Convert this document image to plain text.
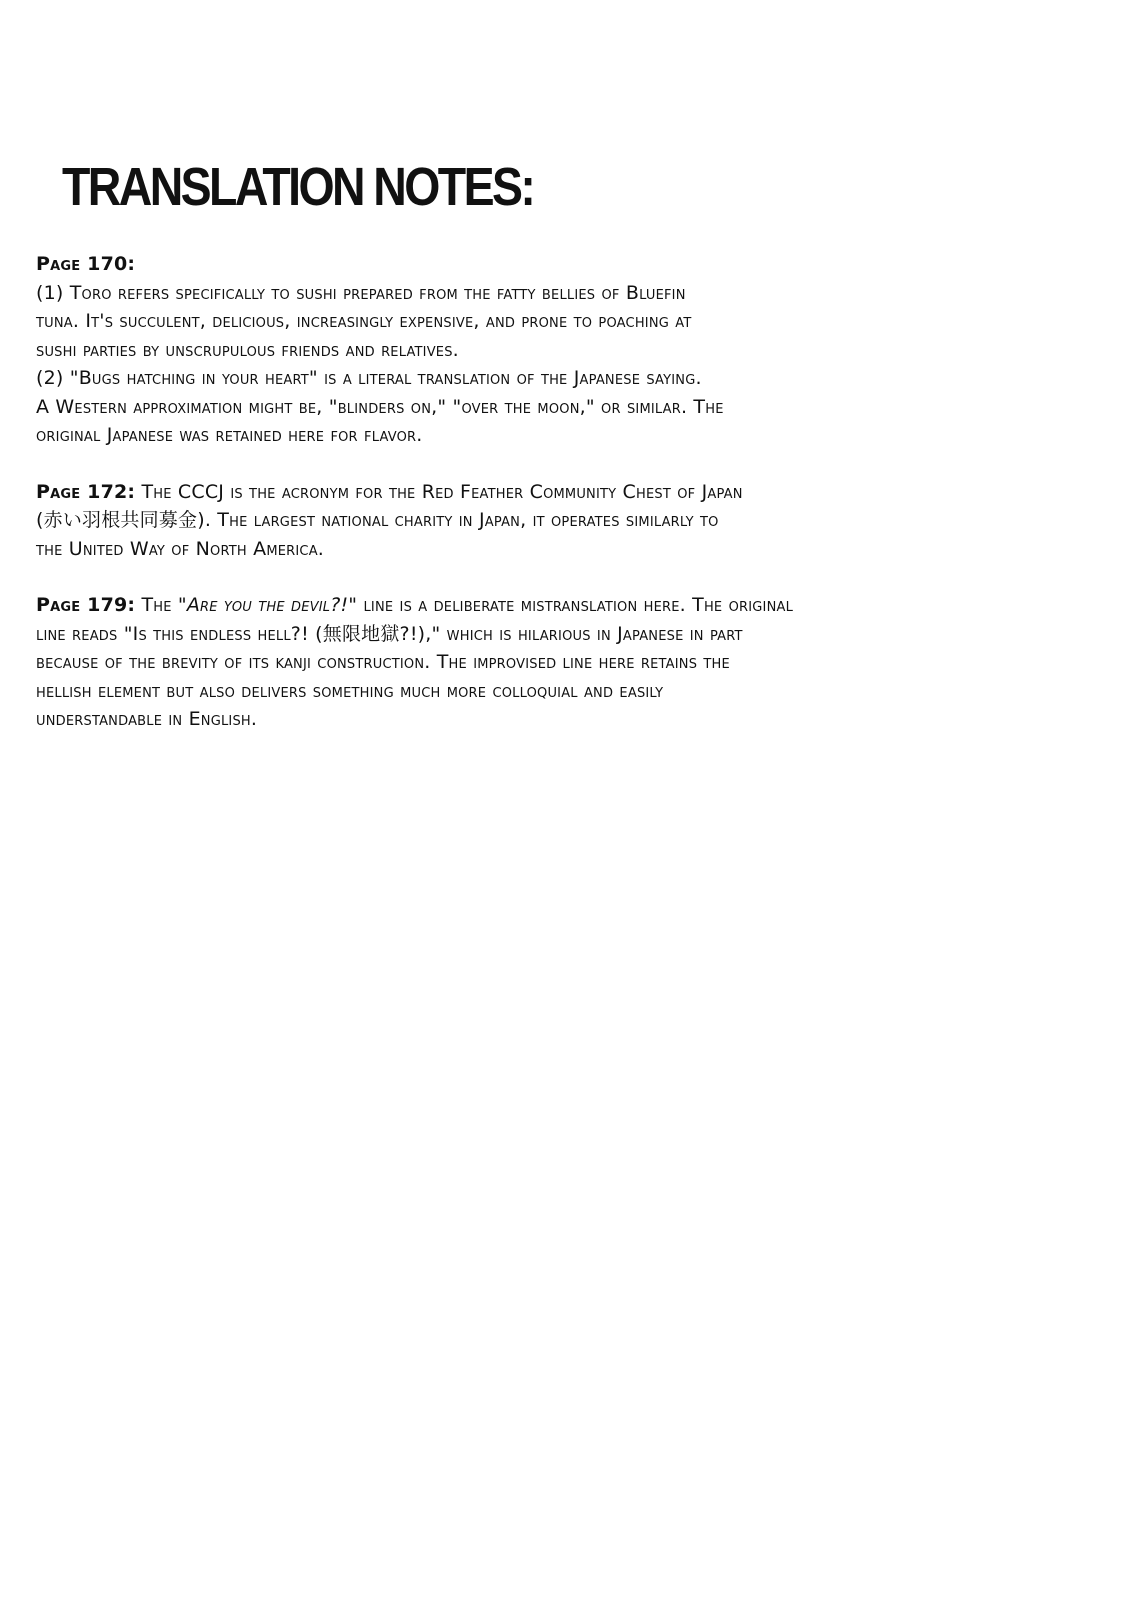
TRANSLATION NOTES:
Page 170:
(1) Toro refers specifically to sushi prepared from the fatty bellies of Bluefin
tuna. It's succulent, delicious, increasingly expensive, and prone to poaching at
sushi parties by unscrupulous friends and relatives.
(2) "Bugs hatching in your heart" is a literal translation of the Japanese saying.
A Western approximation might be, "blinders on," "over the moon," or similar. The
original Japanese was retained here for flavor.
Page 172: The CCCJ is the acronym for the Red Feather Community Chest of Japan
(赤い羽根共同募金). The largest national charity in Japan, it operates similarly to
the United Way of North America.
Page 179: The "Are you the devil?!" line is a deliberate mistranslation here. The original
line reads "Is this endless hell?! (無限地獄?!)," which is hilarious in Japanese in part
because of the brevity of its kanji construction. The improvised line here retains the
hellish element but also delivers something much more colloquial and easily
understandable in English.
